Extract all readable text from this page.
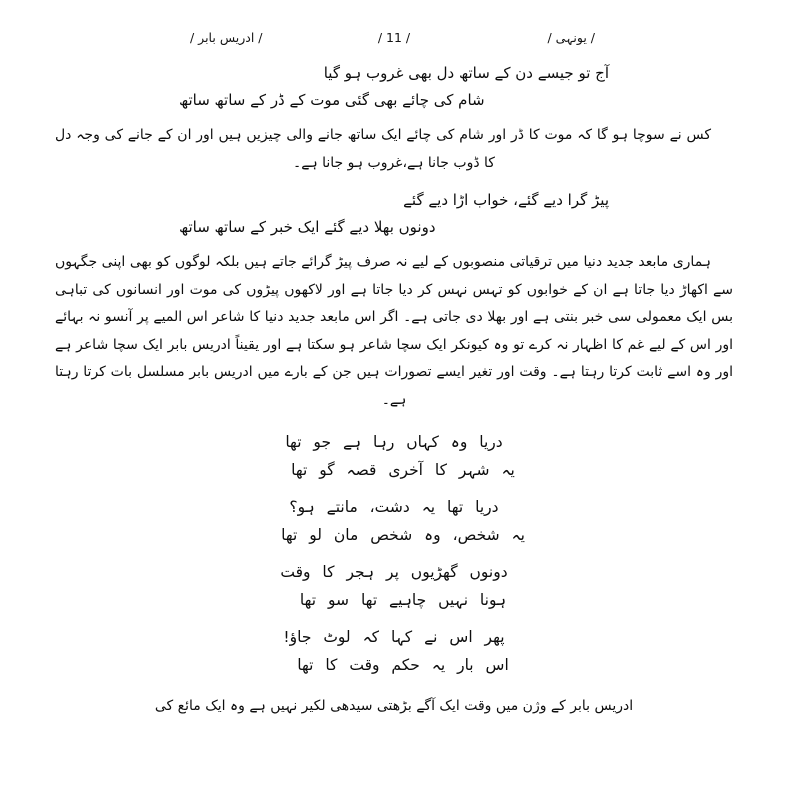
/ یونہی /
/ 11 /
/ ادریس بابر /
آج تو جیسے دن کے ساتھ دل بھی غروب ہو گیا
شام کی چائے بھی گئی موت کے ڈر کے ساتھ ساتھ

کس نے سوچا ہو گا کہ موت کا ڈر اور شام کی چائے ایک ساتھ جانے والی چیزیں ہیں اور ان کے جانے کی وجہ دل کا ڈوب جانا ہے،غروب ہو جانا ہے۔

پیڑ گرا دیے گئے، خواب اڑا دیے گئے
دونوں بھلا دیے گئے ایک خبر کے ساتھ ساتھ

ہماری مابعد جدید دنیا میں ترقیاتی منصوبوں کے لیے نہ صرف پیڑ گرائے جاتے ہیں بلکہ لوگوں کو بھی اپنی جگہوں سے اکھاڑ دیا جاتا ہے ان کے خوابوں کو تہس نہس کر دیا جاتا ہے اور لاکھوں پیڑوں کی موت اور انسانوں کی تباہی بس ایک معمولی سی خبر بنتی ہے اور بھلا دی جاتی ہے۔ اگر اس مابعد جدید دنیا کا شاعر اس المیے پر آنسو نہ بہائے اور اس کے لیے غم کا اظہار نہ کرے تو وہ کیونکر ایک سچا شاعر ہو سکتا ہے اور یقیناً ادریس بابر ایک سچا شاعر ہے اور وہ اسے ثابت کرتا رہتا ہے۔ وقت اور تغیر ایسے تصورات ہیں جن کے بارے میں ادریس بابر مسلسل بات کرتا رہتا ہے۔

دریا وہ کہاں رہا ہے جو تھا
یہ شہر کا آخری قصہ گو تھا
دریا تھا یہ دشت، مانتے ہو؟
یہ شخص، وہ شخص مان لو تھا
دونوں گھڑیوں پر ہجر کا وقت
ہونا نہیں چاہیے تھا سو تھا
پھر اس نے کہا کہ لوٹ جاؤ!
اس بار یہ حکم وقت کا تھا

ادریس بابر کے وژن میں وقت ایک آگے بڑھتی سیدھی لکیر نہیں ہے وہ ایک مائع کی
